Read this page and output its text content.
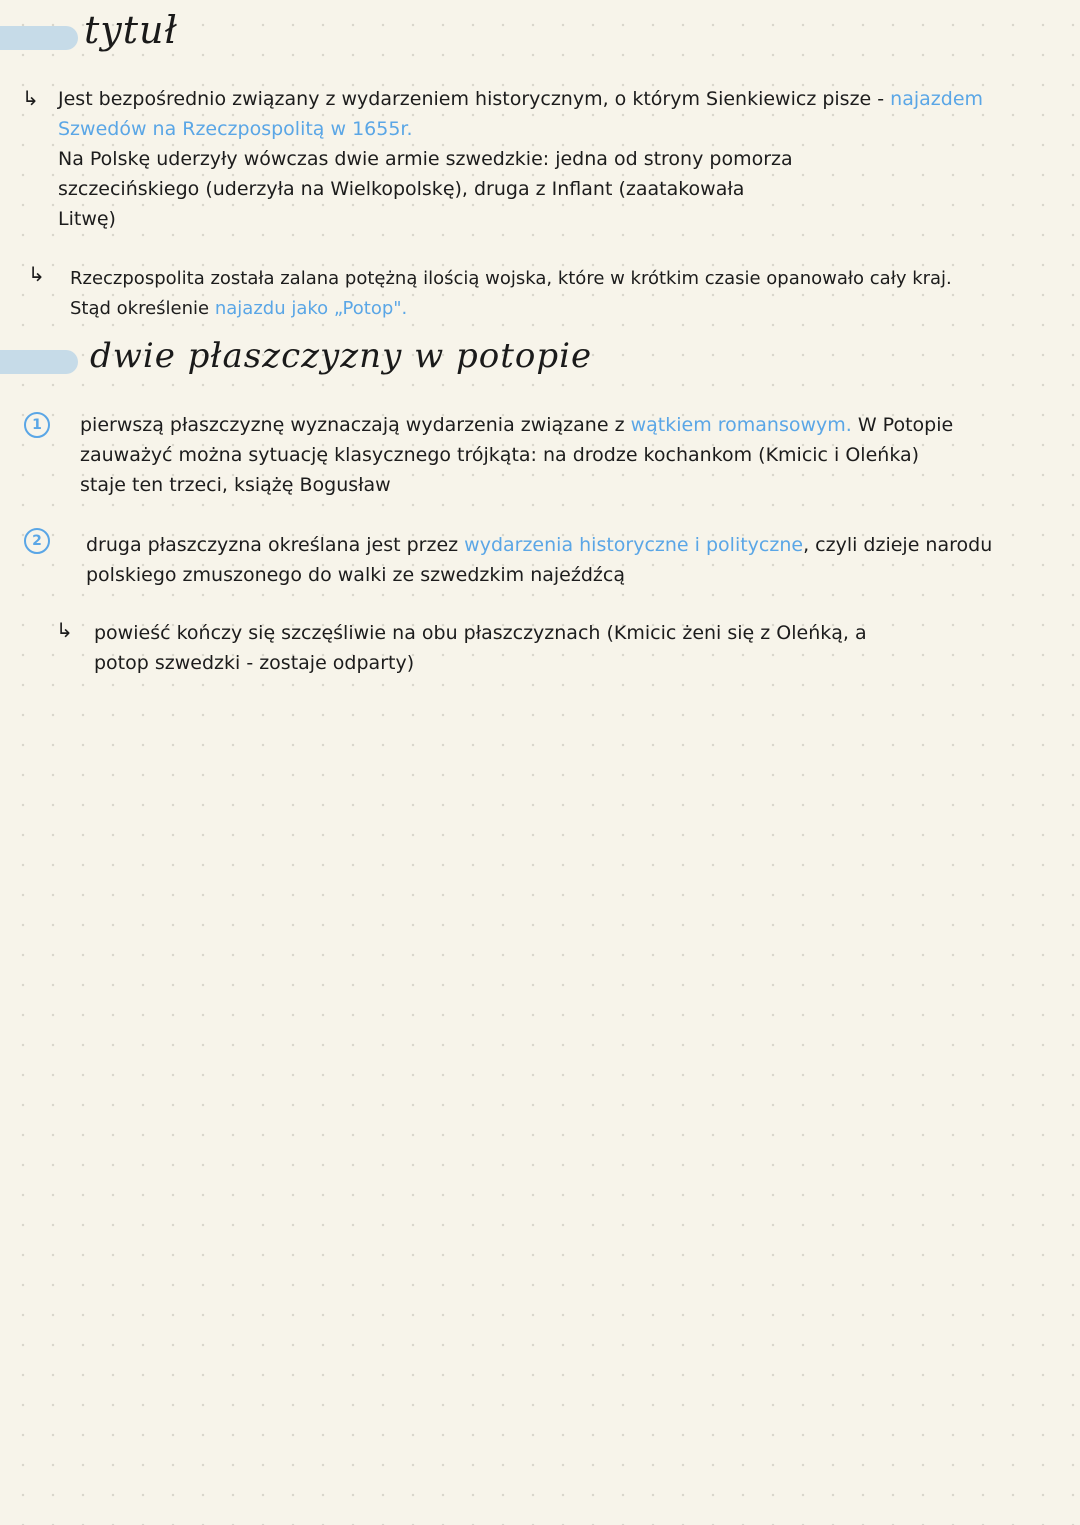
tytuł
↳ Jest bezpośrednio związany z wydarzeniem historycznym, o którym Sienkiewicz pisze - najazdem
Szwedów na Rzeczpospolitą w 1655r.
Na Polskę uderzyły wówczas dwie armie szwedzkie: jedna od strony pomorza
szczecińskiego (uderzyła na Wielkopolskę), druga z Inflant (zaatakowała
Litwę)
↳ Rzeczpospolita została zalana potężną ilością wojska, które w krótkim czasie opanowało cały kraj.
Stąd określenie najazdu jako „Potop".
dwie płaszczyzny w potopie
1	pierwszą płaszczyznę wyznaczają wydarzenia związane z wątkiem romansowym. W Potopie
zauważyć można sytuację klasycznego trójkąta: na drodze kochankom (Kmicic i Oleńka)
staje ten trzeci, książę Bogusław
2	druga płaszczyzna określana jest przez wydarzenia historyczne i polityczne, czyli dzieje narodu
polskiego zmuszonego do walki ze szwedzkim najeźdźcą
↳ powieść kończy się szczęśliwie na obu płaszczyznach (Kmicic żeni się z Oleńką, a
potop szwedzki - zostaje odparty)
